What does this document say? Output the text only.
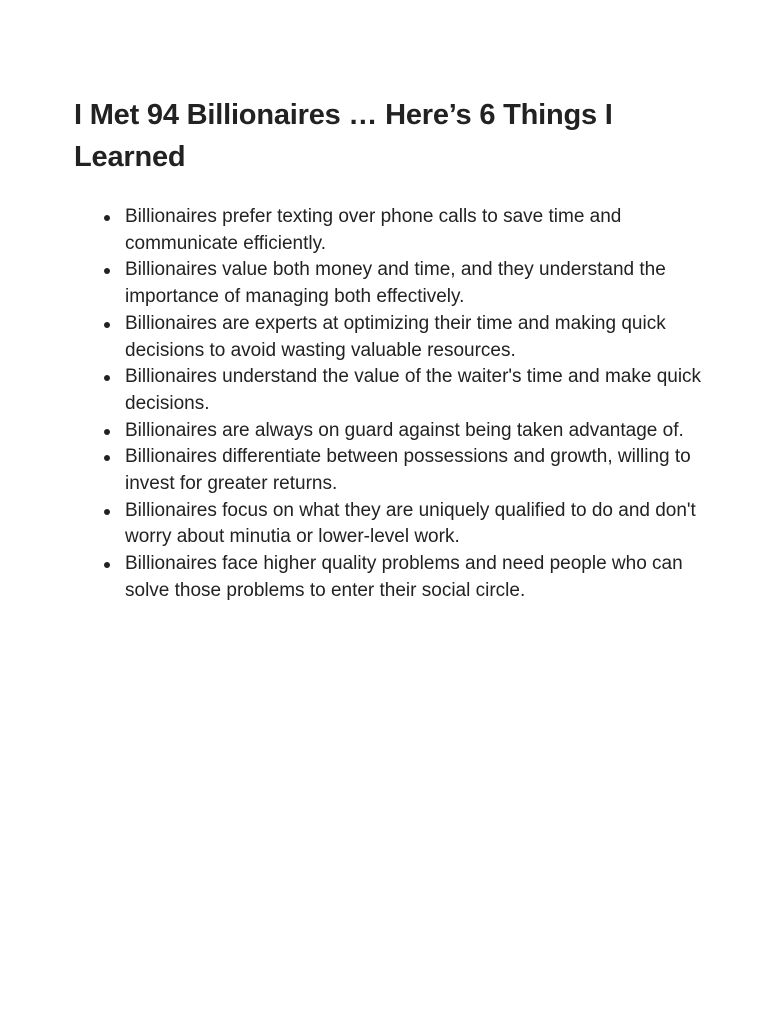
I Met 94 Billionaires … Here’s 6 Things I Learned
Billionaires prefer texting over phone calls to save time and communicate efficiently.
Billionaires value both money and time, and they understand the importance of managing both effectively.
Billionaires are experts at optimizing their time and making quick decisions to avoid wasting valuable resources.
Billionaires understand the value of the waiter's time and make quick decisions.
Billionaires are always on guard against being taken advantage of.
Billionaires differentiate between possessions and growth, willing to invest for greater returns.
Billionaires focus on what they are uniquely qualified to do and don't worry about minutia or lower-level work.
Billionaires face higher quality problems and need people who can solve those problems to enter their social circle.
